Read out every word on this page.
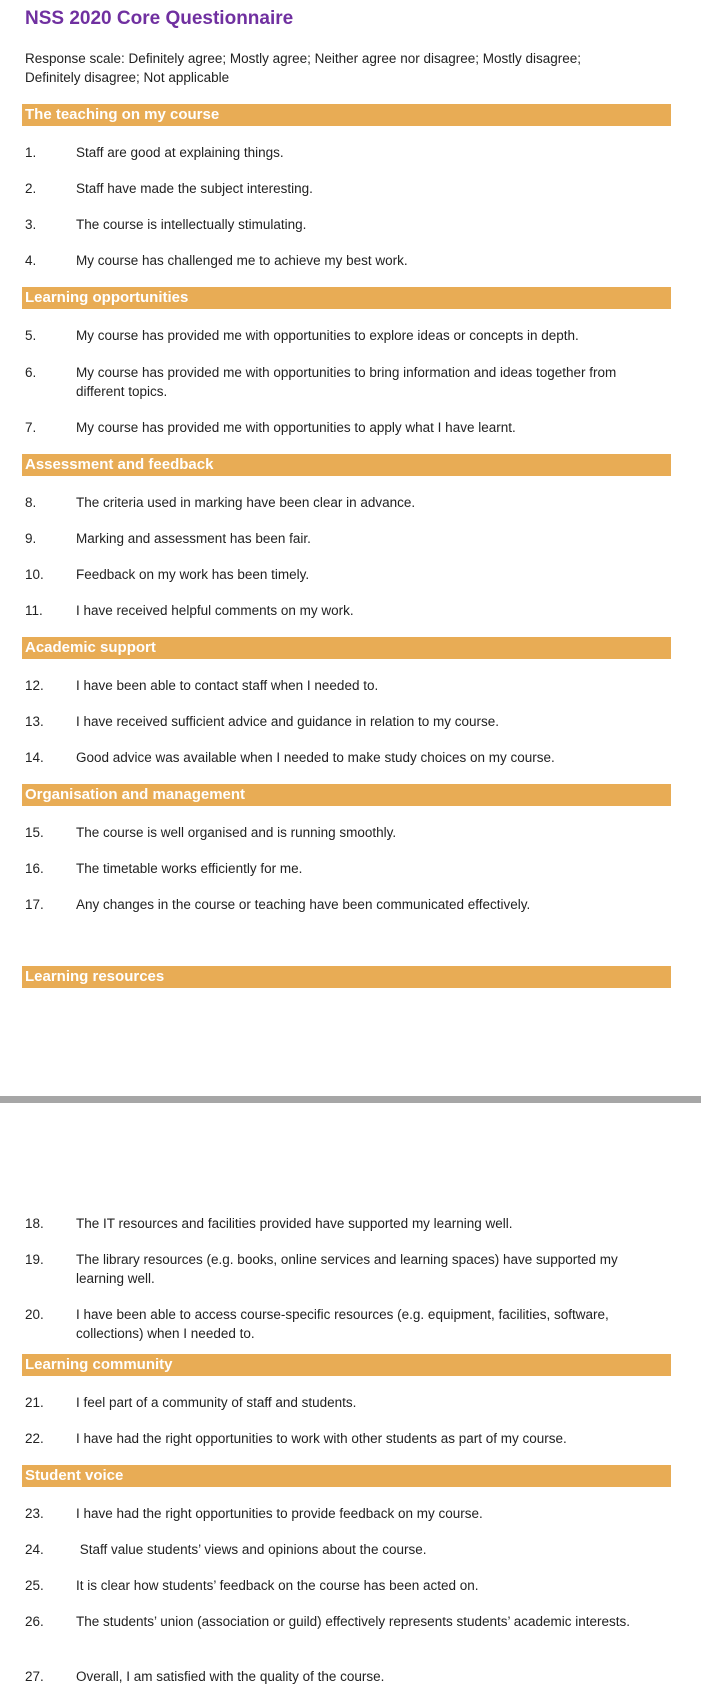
NSS 2020 Core Questionnaire
Response scale: Definitely agree; Mostly agree; Neither agree nor disagree; Mostly disagree; Definitely disagree; Not applicable
The teaching on my course
1.	Staff are good at explaining things.
2.	Staff have made the subject interesting.
3.	The course is intellectually stimulating.
4.	My course has challenged me to achieve my best work.
Learning opportunities
5.	My course has provided me with opportunities to explore ideas or concepts in depth.
6.	My course has provided me with opportunities to bring information and ideas together from different topics.
7.	My course has provided me with opportunities to apply what I have learnt.
Assessment and feedback
8.	The criteria used in marking have been clear in advance.
9.	Marking and assessment has been fair.
10. Feedback on my work has been timely.
11. I have received helpful comments on my work.
Academic support
12. I have been able to contact staff when I needed to.
13. I have received sufficient advice and guidance in relation to my course.
14. Good advice was available when I needed to make study choices on my course.
Organisation and management
15. The course is well organised and is running smoothly.
16. The timetable works efficiently for me.
17. Any changes in the course or teaching have been communicated effectively.
Learning resources
18. The IT resources and facilities provided have supported my learning well.
19. The library resources (e.g. books, online services and learning spaces) have supported my learning well.
20. I have been able to access course-specific resources (e.g. equipment, facilities, software, collections) when I needed to.
Learning community
21. I feel part of a community of staff and students.
22. I have had the right opportunities to work with other students as part of my course.
Student voice
23. I have had the right opportunities to provide feedback on my course.
24. Staff value students’ views and opinions about the course.
25. It is clear how students’ feedback on the course has been acted on.
26. The students’ union (association or guild) effectively represents students’ academic interests.
27. Overall, I am satisfied with the quality of the course.
